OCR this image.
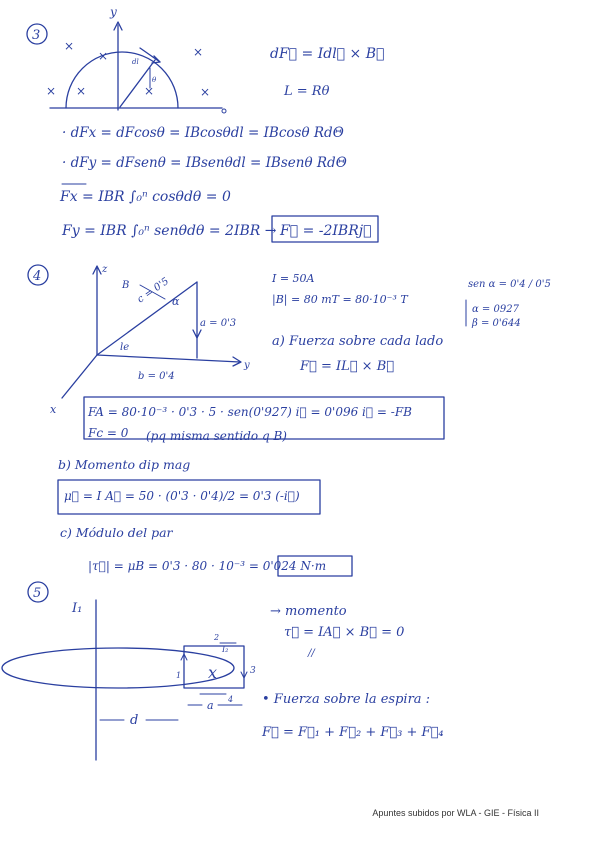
3
y
dl
θ
×
×	×
× ×	×
×
dF⃗ = Idl⃗ × B⃗
L = Rθ
· dFx = dFcosθ = IBcosθdl = IBcosθ RdΘ
· dFy = dFsenθ = IBsenθdl = IBsenθ RdΘ
Fx = IBR ∫₀ⁿ cosθdθ = 0
Fy = IBR ∫₀ⁿ senθdθ = 2IBR → F⃗ = -2IBRj⃗
4	z
y
x
B c = 0'5 α
a = 0'3
b = 0'4
le
I = 50A
|B| = 80 mT = 80·10⁻³ T
sen α = 0'4 / 0'5
α = 0927
β = 0'644
a) Fuerza sobre cada lado
F⃗ = IL⃗ × B⃗
FA = 80·10⁻³ · 0'3 · 5 · sen(0'927) i⃗ = 0'096 i⃗ = -FB
Fc = 0 (pq misma sentido q B)
b) Momento dip mag
μ⃗ = I A⃗ = 50 · (0'3 · 0'4)/2 = 0'3 (-i⃗)
c) Módulo del par
|τ⃗| = μB = 0'3 · 80 · 10⁻³ = 0'024 N·m
5
I₁
x
I₂
2
1	3
4
a
d
→ momento
τ⃗ = IA⃗ × B⃗ = 0
//
• Fuerza sobre la espira :
F⃗ = F⃗₁ + F⃗₂ + F⃗₃ + F⃗₄
Apuntes subidos por WLA - GIE - Física II
